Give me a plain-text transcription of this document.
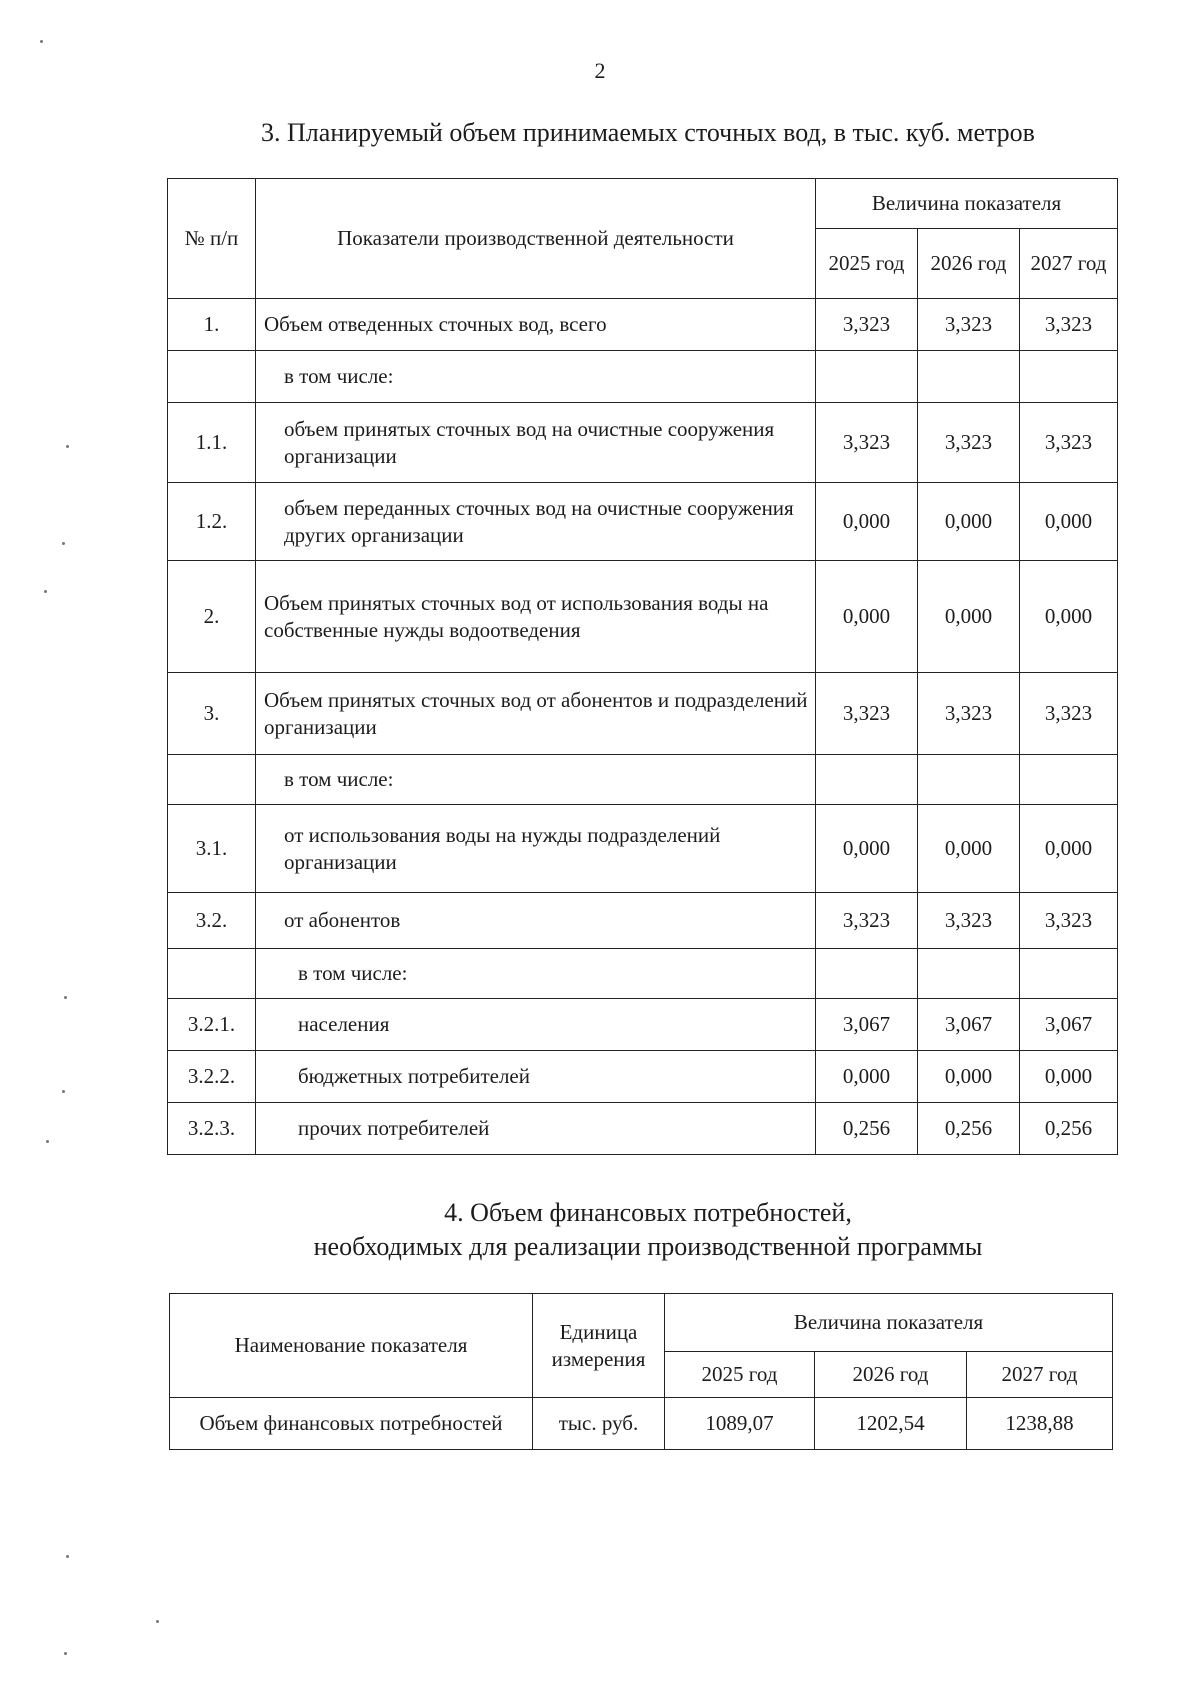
2
3. Планируемый объем принимаемых сточных вод, в тыс. куб. метров
№ п/п	Показатели производственной деятельности	Величина показателя		
		2025 год	2026 год	2027 год
1.	Объем отведенных сточных вод, всего	3,323	3,323	3,323
	в том числе:			
1.1.	объем принятых сточных вод на очистные сооружения организации	3,323	3,323	3,323
1.2.	объем переданных сточных вод на очистные сооружения других организации	0,000	0,000	0,000
2.	Объем принятых сточных вод от использования воды на собственные нужды водоотведения	0,000	0,000	0,000
3.	Объем принятых сточных вод от абонентов и подразделений организации	3,323	3,323	3,323
	в том числе:			
3.1.	от использования воды на нужды подразделений организации	0,000	0,000	0,000
3.2.	от абонентов	3,323	3,323	3,323
	в том числе:			
3.2.1.	населения	3,067	3,067	3,067
3.2.2.	бюджетных потребителей	0,000	0,000	0,000
3.2.3.	прочих потребителей	0,256	0,256	0,256
4. Объем финансовых потребностей,
необходимых для реализации производственной программы
Наименование показателя	Единица измерения	Величина показателя		
		2025 год	2026 год	2027 год
Объем финансовых потребностей	тыс. руб.	1089,07	1202,54	1238,88
